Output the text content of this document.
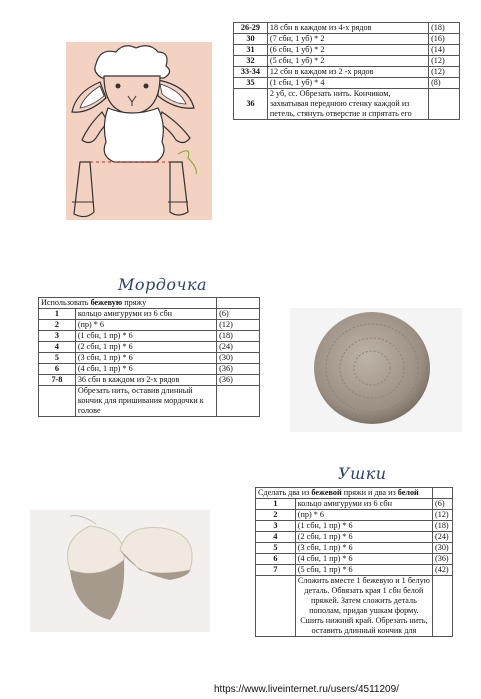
26-29	18 сбн в каждом из 4-х рядов	(18)
30	(7 сбн, 1 уб) * 2	(16)
31	(6 сбн, 1 уб) * 2	(14)
32	(5 сбн, 1 уб) * 2	(12)
33-34	12 сбн в каждом из 2 -х рядов	(12)
35	(1 сбн, 1 уб) * 4	(8)
36	2 уб, сс. Обрезать нить. Кончиком, захватывая переднюю стенку каждой из петель, стянуть отверстие и спрятать его	
Мордочка
Использовать бежевую пряжу		
1	кольцо амигуруми из 6 сбн	(6)
2	(пр) * 6	(12)
3	(1 сбн, 1 пр) * 6	(18)
4	(2 сбн, 1 пр) * 6	(24)
5	(3 сбн, 1 пр) * 6	(30)
6	(4 сбн, 1 пр) * 6	(36)
7-8	36 сбн в каждом из 2-х рядов	(36)
	Обрезать нить, оставив длинный кончик для пришивания мордочки к голове	
Ушки
Сделать два из бежевой пряжи и два из белой		
1	кольцо амигуруми из 6 сбн	(6)
2	(пр) * 6	(12)
3	(1 сбн, 1 пр) * 6	(18)
4	(2 сбн, 1 пр) * 6	(24)
5	(3 сбн, 1 пр) * 6	(30)
6	(4 сбн, 1 пр) * 6	(36)
7	(5 сбн, 1 пр) * 6	(42)
	Сложить вместе 1 бежевую и 1 белую деталь. Обвязать края 1 сбн белой пряжей. Затем сложить деталь пополам, придав ушкам форму. Сшить нижний край. Обрезать нить, оставить длинный кончик для	
https://www.liveinternet.ru/users/4511209/
